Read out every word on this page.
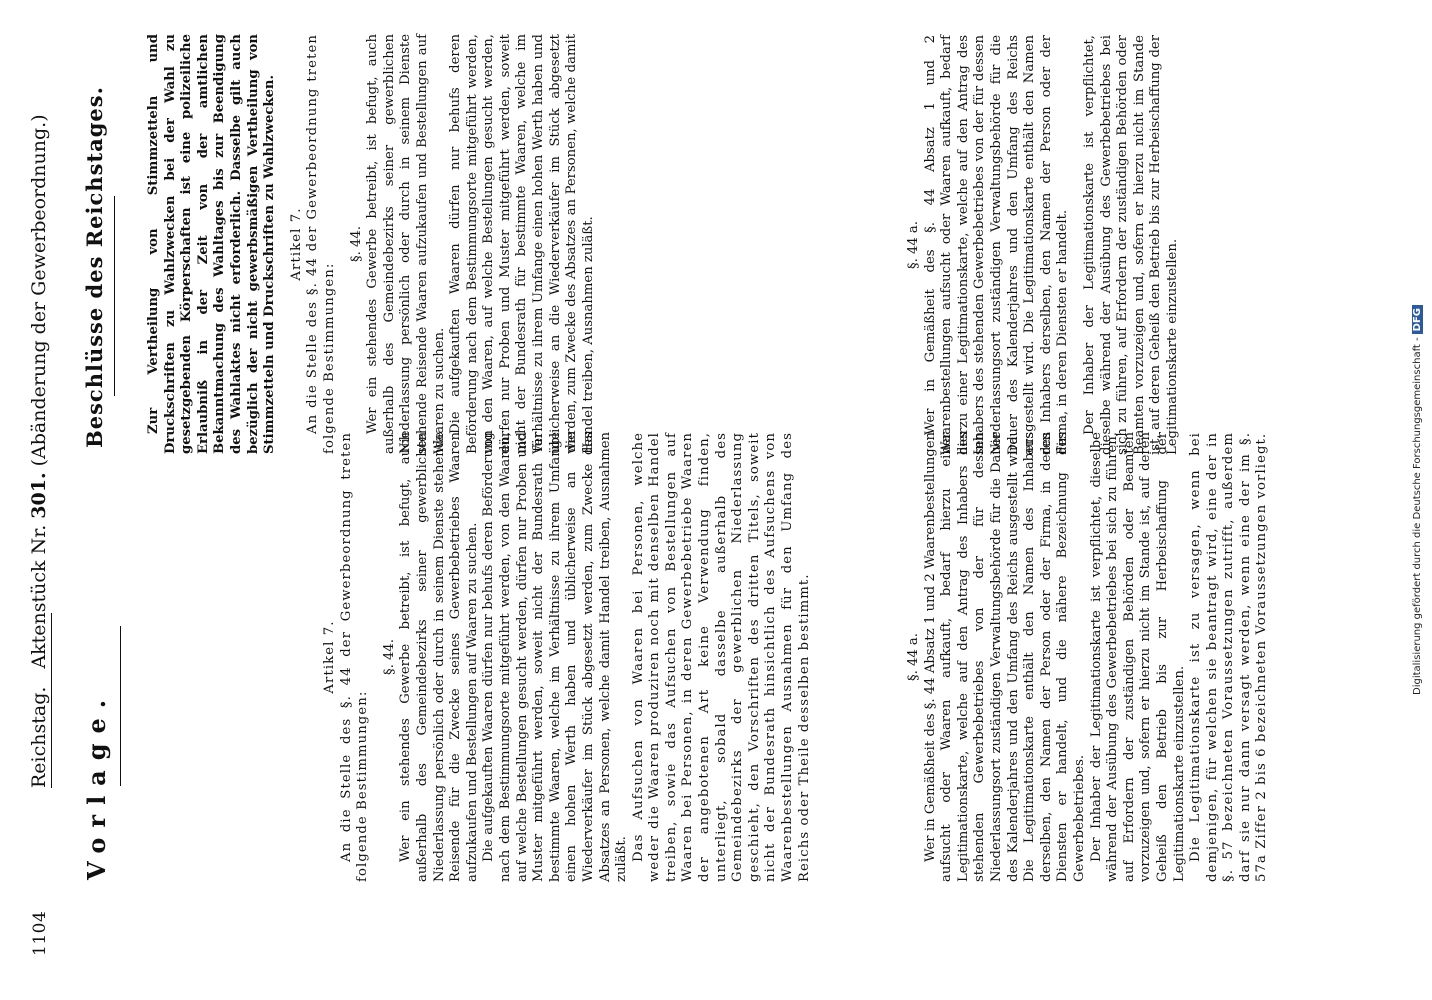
1104
Reichstag.Aktenstück Nr. 301. (Abänderung der Gewerbeordnung.)
Vorlage.
Beschlüsse des Reichstages.

Artikel 7. An die Stelle des §. 44 der Gewerbeordnung treten folgende Bestimmungen:

§. 44. Wer ein stehendes Gewerbe betreibt, ist befugt, auch außerhalb des Gemeindebezirks seiner gewerblichen Niederlassung persönlich oder durch in seinem Dienste stehende Reisende für die Zwecke seines Gewerbebetriebes Waaren aufzukaufen und Bestellungen auf Waaren zu suchen. Die aufgekauften Waaren dürfen nur behufs deren Beförderung nach dem Bestimmungsorte mitgeführt werden, von den Waaren, auf welche Bestellungen gesucht werden, dürfen nur Proben und Muster mitgeführt werden, soweit nicht der Bundesrath für bestimmte Waaren, welche im Verhältnisse zu ihrem Umfange einen hohen Werth haben und üblicherweise an die Wiederverkäufer im Stück abgesetzt werden, zum Zwecke des Absatzes an Personen, welche damit Handel treiben, Ausnahmen zuläßt. Das Aufsuchen von Waaren bei Personen, welche weder die Waaren produziren noch mit denselben Handel treiben, sowie das Aufsuchen von Bestellungen auf Waaren bei Personen, in deren Gewerbebetriebe Waaren der angebotenen Art keine Verwendung finden, unterliegt, sobald dasselbe außerhalb des Gemeindebezirks der gewerblichen Niederlassung geschieht, den Vorschriften des dritten Titels, soweit nicht der Bundesrath hinsichtlich des Aufsuchens von Waarenbestellungen Ausnahmen für den Umfang des Reichs oder Theile desselben bestimmt.	§. 44 a. Wer in Gemäßheit des §. 44 Absatz 1 und 2 Waarenbestellungen aufsucht oder Waaren aufkauft, bedarf hierzu einer Legitimationskarte, welche auf den Antrag des Inhabers des stehenden Gewerbebetriebes von der für dessen Niederlassungsort zuständigen Verwaltungsbehörde für die Dauer des Kalenderjahres und den Umfang des Reichs ausgestellt wird. Die Legitimationskarte enthält den Namen des Inhabers derselben, den Namen der Person oder der Firma, in deren Diensten er handelt, und die nähere Bezeichnung des Gewerbebetriebes. Der Inhaber der Legitimationskarte ist verpflichtet, dieselbe während der Ausübung des Gewerbebetriebes bei sich zu führen, auf Erfordern der zuständigen Behörden oder Beamten vorzuzeigen und, sofern er hierzu nicht im Stande ist, auf deren Geheiß den Betrieb bis zur Herbeischaffung der Legitimationskarte einzustellen. Die Legitimationskarte ist zu versagen, wenn bei demjenigen, für welchen sie beantragt wird, eine der in §. 57 bezeichneten Voraussetzungen zutrifft, außerdem darf sie nur dann versagt werden, wenn eine der im §. 57a Ziffer 2 bis 6 bezeichneten Voraussetzungen vorliegt.

Zur Vertheilung von Stimmzetteln und Druckschriften zu Wahlzwecken bei der Wahl zu gesetzgebenden Körperschaften ist eine polizeiliche Erlaubniß in der Zeit von der amtlichen Bekanntmachung des Wahltages bis zur Beendigung des Wahlaktes nicht erforderlich. Dasselbe gilt auch bezüglich der nicht gewerbsmäßigen Vertheilung von Stimmzetteln und Druckschriften zu Wahlzwecken. Artikel 7. An die Stelle des §. 44 der Gewerbeordnung treten folgende Bestimmungen:

§. 44. Wer ein stehendes Gewerbe betreibt, ist befugt, auch außerhalb des Gemeindebezirks seiner gewerblichen Niederlassung persönlich oder durch in seinem Dienste stehende Reisende Waaren aufzukaufen und Bestellungen auf Waaren zu suchen. Die aufgekauften Waaren dürfen nur behufs deren Beförderung nach dem Bestimmungsorte mitgeführt werden, von den Waaren, auf welche Bestellungen gesucht werden, dürfen nur Proben und Muster mitgeführt werden, soweit nicht der Bundesrath für bestimmte Waaren, welche im Verhältnisse zu ihrem Umfange einen hohen Werth haben und üblicherweise an die Wiederverkäufer im Stück abgesetzt werden, zum Zwecke des Absatzes an Personen, welche damit Handel treiben, Ausnahmen zuläßt.	§. 44 a. Wer in Gemäßheit des §. 44 Absatz 1 und 2 Waarenbestellungen aufsucht oder Waaren aufkauft, bedarf hierzu einer Legitimationskarte, welche auf den Antrag des Inhabers des stehenden Gewerbebetriebes von der für dessen Niederlassungsort zuständigen Verwaltungsbehörde für die Dauer des Kalenderjahres und den Umfang des Reichs ausgestellt wird. Die Legitimationskarte enthält den Namen des Inhabers derselben, den Namen der Person oder der Firma, in deren Diensten er handelt. Der Inhaber der Legitimationskarte ist verpflichtet, dieselbe während der Ausübung des Gewerbebetriebes bei sich zu führen, auf Erfordern der zuständigen Behörden oder Beamten vorzuzeigen und, sofern er hierzu nicht im Stande ist, auf deren Geheiß den Betrieb bis zur Herbeischaffung der Legitimationskarte einzustellen.	Digitalisierung gefördert durch die Deutsche Forschungsgemeinschaft -DFG
